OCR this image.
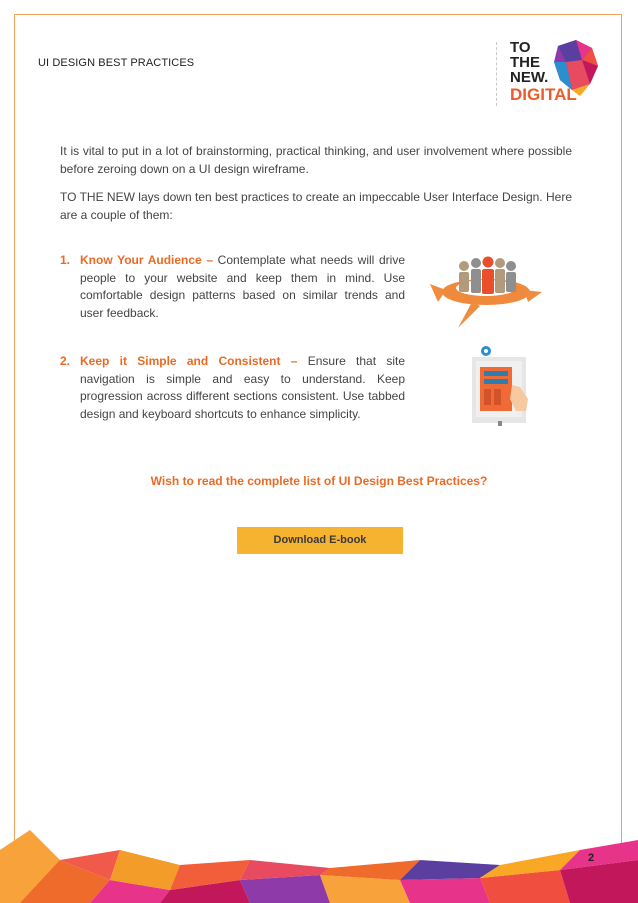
UI DESIGN BEST PRACTICES
TO
THE
NEW.
DIGITAL
It is vital to put in a lot of brainstorming, practical thinking, and user involvement where possible before zeroing down on a UI design wireframe.
TO THE NEW lays down ten best practices to create an impeccable User Interface Design. Here are a couple of them:
1. Know Your Audience – Contemplate what needs will drive people to your website and keep them in mind. Use comfortable design patterns based on similar trends and user feedback.
2. Keep it Simple and Consistent – Ensure that site navigation is simple and easy to understand. Keep progression across different sections consistent. Use tabbed design and keyboard shortcuts to enhance simplicity.
Wish to read the complete list of UI Design Best Practices?
Download E-book
2
